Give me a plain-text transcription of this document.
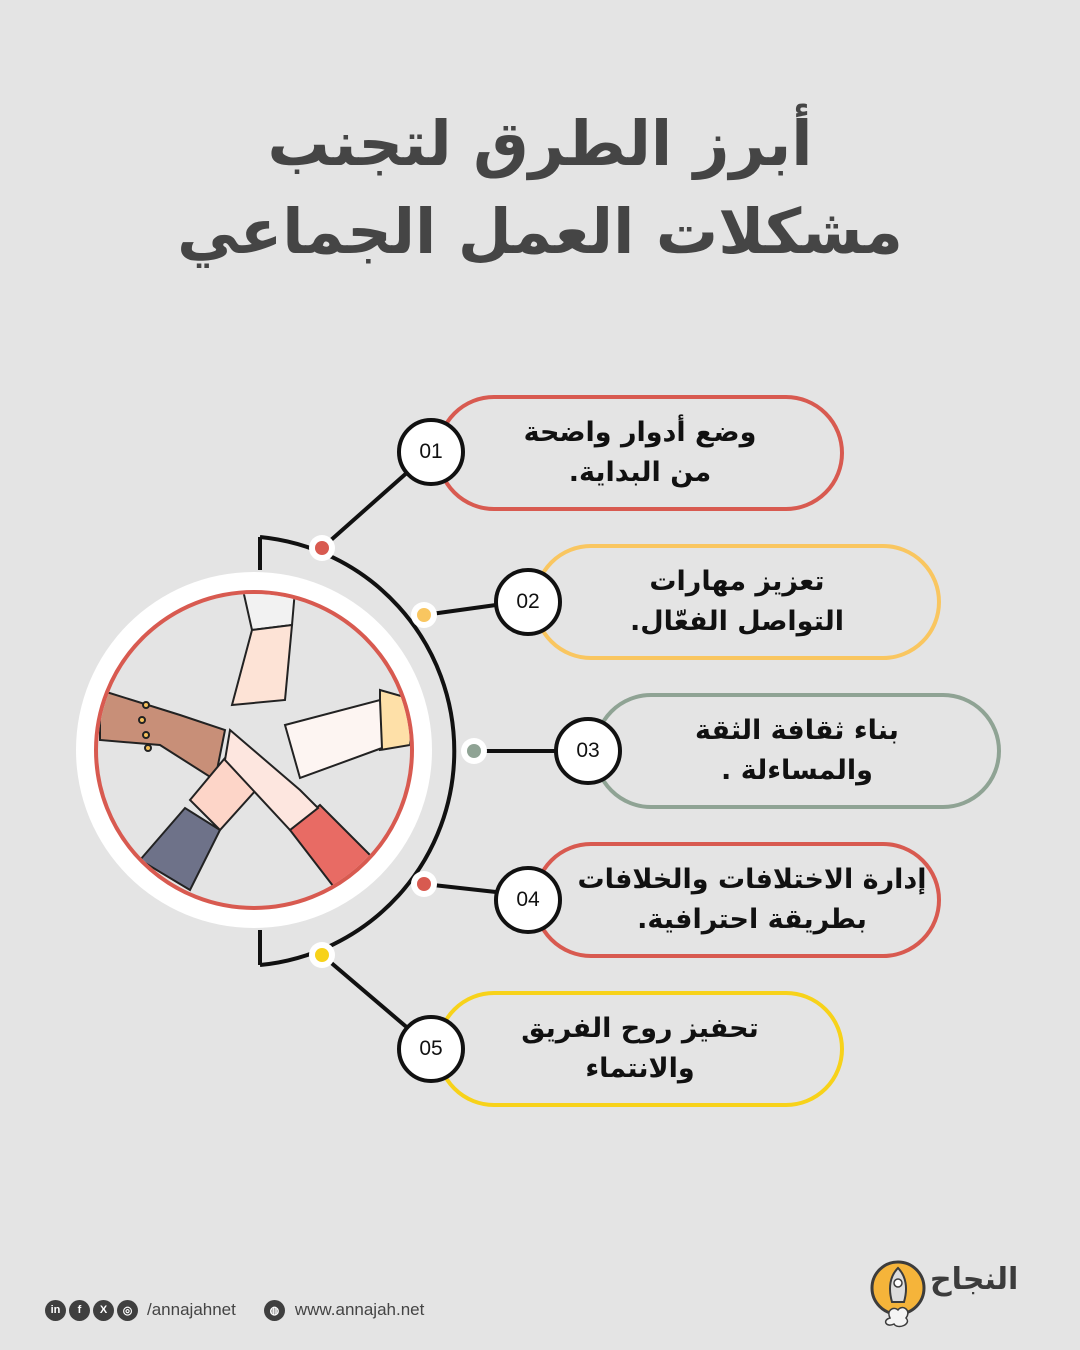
أبرز الطرق لتجنب
مشكلات العمل الجماعي
وضع أدوار واضحة
من البداية.
01
تعزيز مهارات
التواصل الفعّال.
02
بناء ثقافة الثقة
والمساءلة .
03
إدارة الاختلافات والخلافات
بطريقة احترافية.
04
تحفيز روح الفريق
والانتماء
05
in	f	X	◎ /annajahnet	◍ www.annajah.net
النجاح
